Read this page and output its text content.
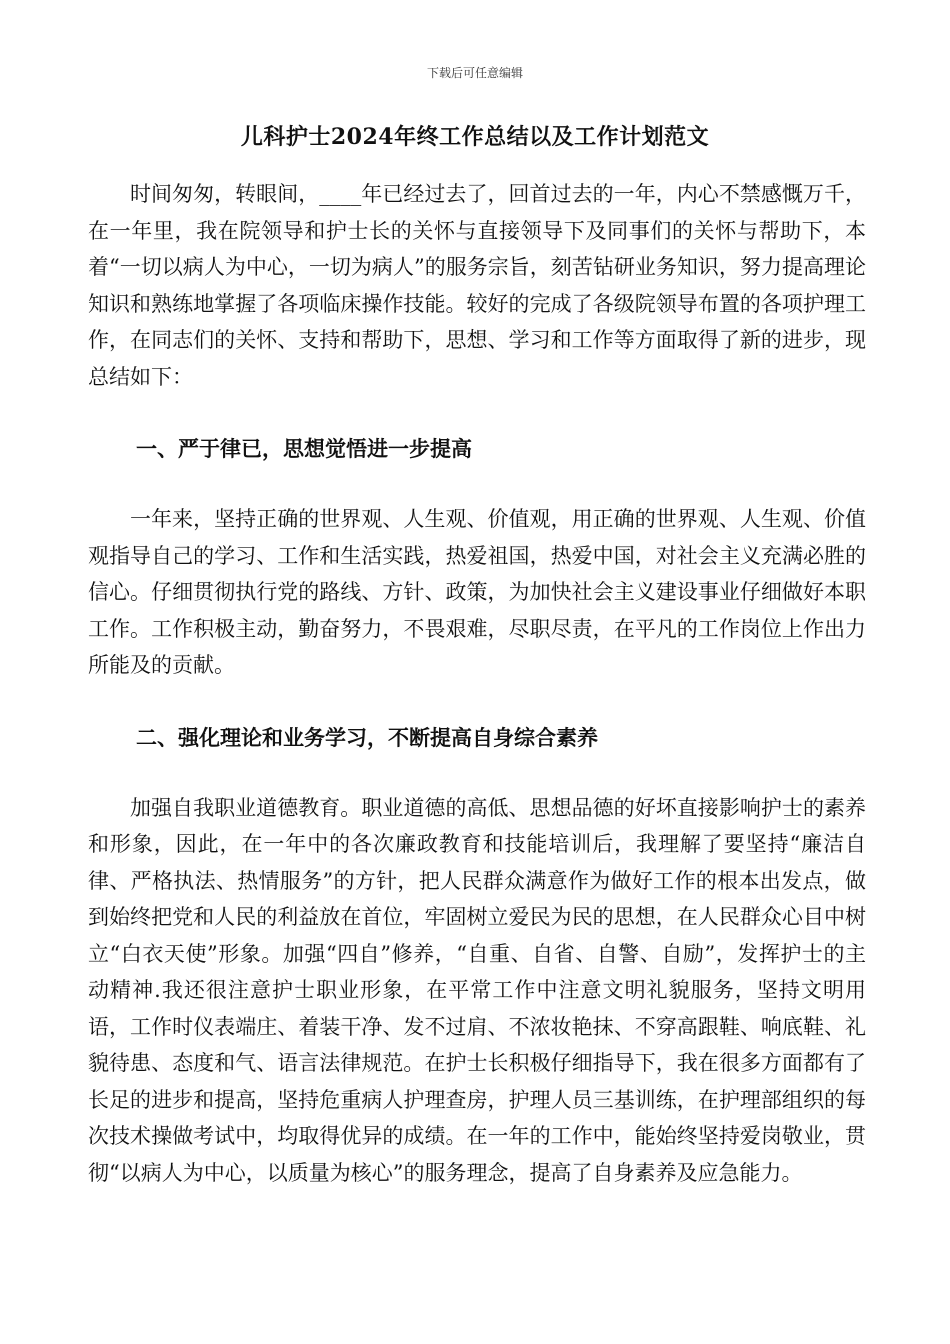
下载后可任意编辑
儿科护士2024年终工作总结以及工作计划范文

时间匆匆，转眼间，____年已经过去了，回首过去的一年，内心不禁感慨万千，在一年里，我在院领导和护士长的关怀与直接领导下及同事们的关怀与帮助下，本着“一切以病人为中心，一切为病人”的服务宗旨，刻苦钻研业务知识，努力提高理论知识和熟练地掌握了各项临床操作技能。较好的完成了各级院领导布置的各项护理工作，在同志们的关怀、支持和帮助下，思想、学习和工作等方面取得了新的进步，现总结如下：

一、严于律已，思想觉悟进一步提高

一年来，坚持正确的世界观、人生观、价值观，用正确的世界观、人生观、价值观指导自己的学习、工作和生活实践，热爱祖国，热爱中国，对社会主义充满必胜的信心。仔细贯彻执行党的路线、方针、政策，为加快社会主义建设事业仔细做好本职工作。工作积极主动，勤奋努力，不畏艰难，尽职尽责，在平凡的工作岗位上作出力所能及的贡献。

二、强化理论和业务学习，不断提高自身综合素养

加强自我职业道德教育。职业道德的高低、思想品德的好坏直接影响护士的素养和形象，因此，在一年中的各次廉政教育和技能培训后，我理解了要坚持“廉洁自律、严格执法、热情服务”的方针，把人民群众满意作为做好工作的根本出发点，做到始终把党和人民的利益放在首位，牢固树立爱民为民的思想，在人民群众心目中树立“白衣天使”形象。加强“四自”修养，“自重、自省、自警、自励”，发挥护士的主动精神.我还很注意护士职业形象，在平常工作中注意文明礼貌服务，坚持文明用语，工作时仪表端庄、着装干净、发不过肩、不浓妆艳抹、不穿高跟鞋、响底鞋、礼貌待患、态度和气、语言法律规范。在护士长积极仔细指导下，我在很多方面都有了长足的进步和提高，坚持危重病人护理查房，护理人员三基训练，在护理部组织的每次技术操做考试中，均取得优异的成绩。在一年的工作中，能始终坚持爱岗敬业，贯彻“以病人为中心，以质量为核心”的服务理念，提高了自身素养及应急能力。
